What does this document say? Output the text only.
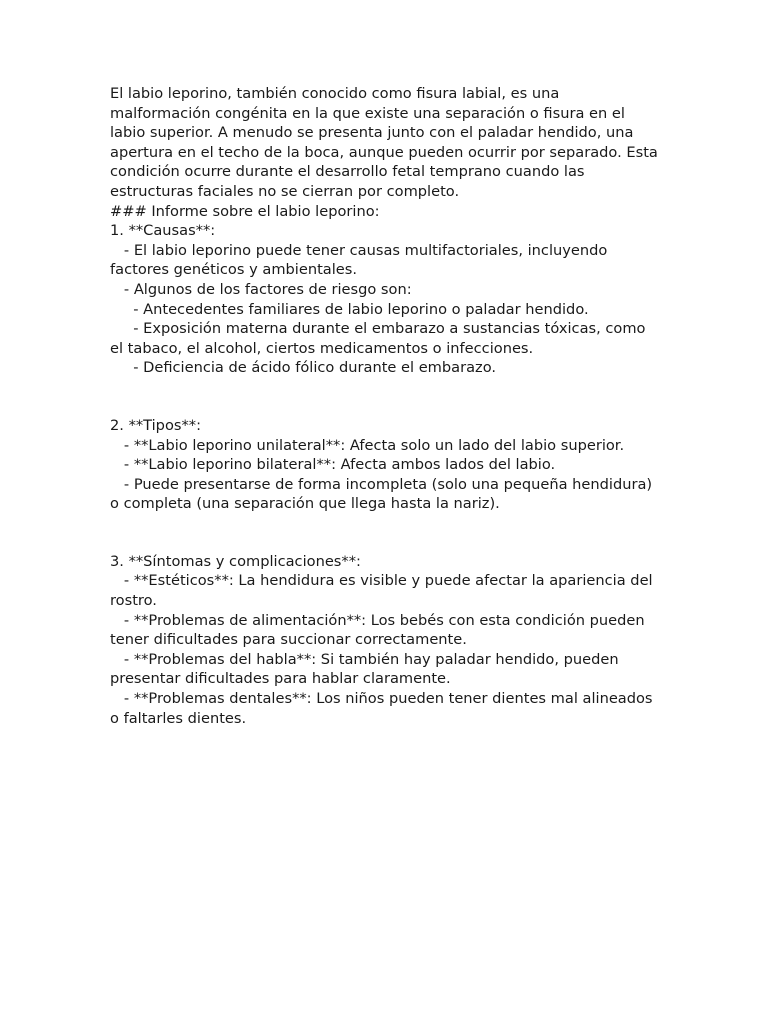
El labio leporino, también conocido como fisura labial, es una malformación congénita en la que existe una separación o fisura en el labio superior. A menudo se presenta junto con el paladar hendido, una apertura en el techo de la boca, aunque pueden ocurrir por separado. Esta condición ocurre durante el desarrollo fetal temprano cuando las estructuras faciales no se cierran por completo.

### Informe sobre el labio leporino:

1. **Causas**:

- El labio leporino puede tener causas multifactoriales, incluyendo factores genéticos y ambientales.

- Algunos de los factores de riesgo son:

- Antecedentes familiares de labio leporino o paladar hendido.

- Exposición materna durante el embarazo a sustancias tóxicas, como el tabaco, el alcohol, ciertos medicamentos o infecciones.

- Deficiencia de ácido fólico durante el embarazo.

2. **Tipos**:

- **Labio leporino unilateral**: Afecta solo un lado del labio superior.

- **Labio leporino bilateral**: Afecta ambos lados del labio.

- Puede presentarse de forma incompleta (solo una pequeña hendidura) o completa (una separación que llega hasta la nariz).

3. **Síntomas y complicaciones**:

- **Estéticos**: La hendidura es visible y puede afectar la apariencia del rostro.

- **Problemas de alimentación**: Los bebés con esta condición pueden tener dificultades para succionar correctamente.

- **Problemas del habla**: Si también hay paladar hendido, pueden presentar dificultades para hablar claramente.

- **Problemas dentales**: Los niños pueden tener dientes mal alineados o faltarles dientes.
